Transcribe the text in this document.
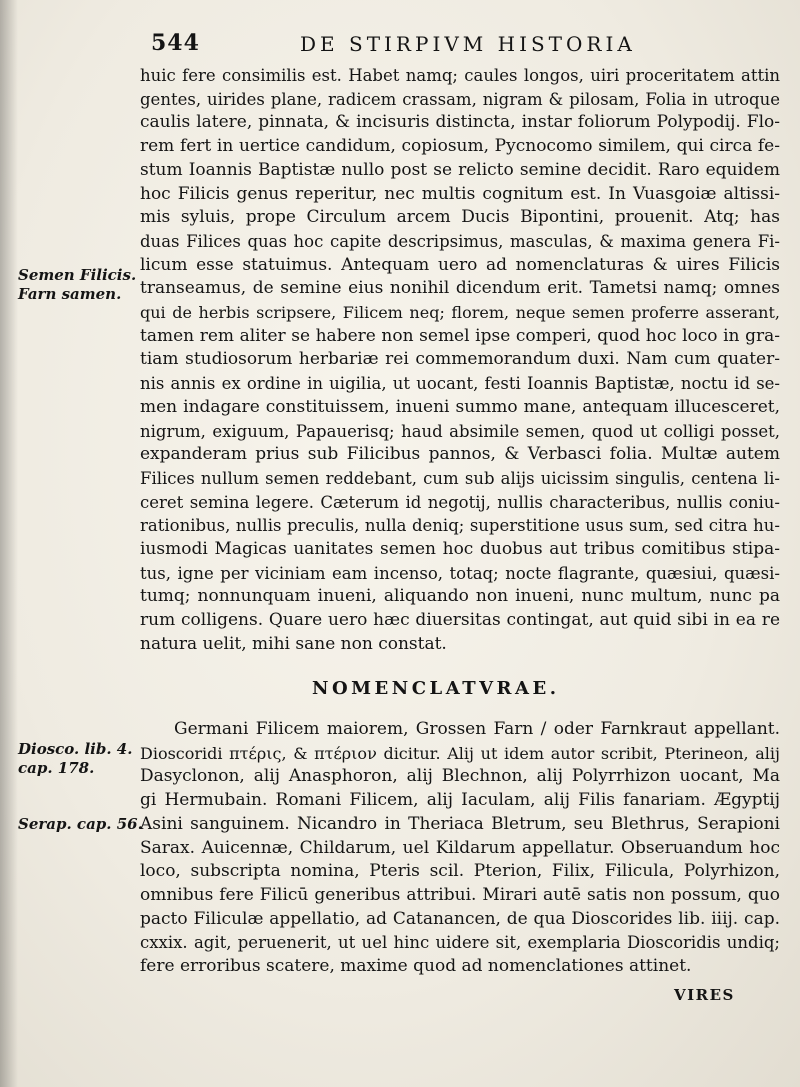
544	DE STIRPIVM HISTORIA
Semen Filicis.
Farn samen.
huic fere consimilis est. Habet namq; caules longos, uiri proceritatem attin
gentes, uirides plane, radicem crassam, nigram & pilosam, Folia in utroque
caulis latere, pinnata, & incisuris distincta, instar foliorum Polypodij. Flo-
rem fert in uertice candidum, copiosum, Pycnocomo similem, qui circa fe-
stum Ioannis Baptistæ nullo post se relicto semine decidit. Raro equidem
hoc Filicis genus reperitur, nec multis cognitum est. In Vuasgoiæ altissi-
mis syluis, prope Circulum arcem Ducis Bipontini, prouenit. Atq; has
duas Filices quas hoc capite descripsimus, masculas, & maxima genera Fi-
licum esse statuimus. Antequam uero ad nomenclaturas & uires Filicis
transeamus, de semine eius nonihil dicendum erit. Tametsi namq; omnes
qui de herbis scripsere, Filicem neq; florem, neque semen proferre asserant,
tamen rem aliter se habere non semel ipse comperi, quod hoc loco in gra-
tiam studiosorum herbariæ rei commemorandum duxi. Nam cum quater-
nis annis ex ordine in uigilia, ut uocant, festi Ioannis Baptistæ, noctu id se-
men indagare constituissem, inueni summo mane, antequam illucesceret,
nigrum, exiguum, Papauerisq; haud absimile semen, quod ut colligi posset,
expanderam prius sub Filicibus pannos, & Verbasci folia. Multæ autem
Filices nullum semen reddebant, cum sub alijs uicissim singulis, centena li-
ceret semina legere. Cæterum id negotij, nullis characteribus, nullis coniu-
rationibus, nullis preculis, nulla deniq; superstitione usus sum, sed citra hu-
iusmodi Magicas uanitates semen hoc duobus aut tribus comitibus stipa-
tus, igne per viciniam eam incenso, totaq; nocte flagrante, quæsiui, quæsi-
tumq; nonnunquam inueni, aliquando non inueni, nunc multum, nunc pa
rum colligens. Quare uero hæc diuersitas contingat, aut quid sibi in ea re
natura uelit, mihi sane non constat.
NOMENCLATVRAE.
Diosco. lib. 4.
cap. 178.
Serap. cap. 56.
Germani Filicem maiorem, Grossen Farn / oder Farnkraut appellant.
Dioscoridi πτέρις, & πτέριον dicitur. Alij ut idem autor scribit, Pterineon, alij
Dasyclonon, alij Anasphoron, alij Blechnon, alij Polyrrhizon uocant, Ma
gi Hermubain. Romani Filicem, alij Iaculam, alij Filis fanariam. Ægyptij
Asini sanguinem. Nicandro in Theriaca Bletrum, seu Blethrus, Serapioni
Sarax. Auicennæ, Childarum, uel Kildarum appellatur. Obseruandum hoc
loco, subscripta nomina, Pteris scil. Pterion, Filix, Filicula, Polyrhizon,
omnibus fere Filicū generibus attribui. Mirari autē satis non possum, quo
pacto Filiculæ appellatio, ad Catanancen, de qua Dioscorides lib. iiij. cap.
cxxix. agit, peruenerit, ut uel hinc uidere sit, exemplaria Dioscoridis undiq;
fere erroribus scatere, maxime quod ad nomenclationes attinet.
VIRES
